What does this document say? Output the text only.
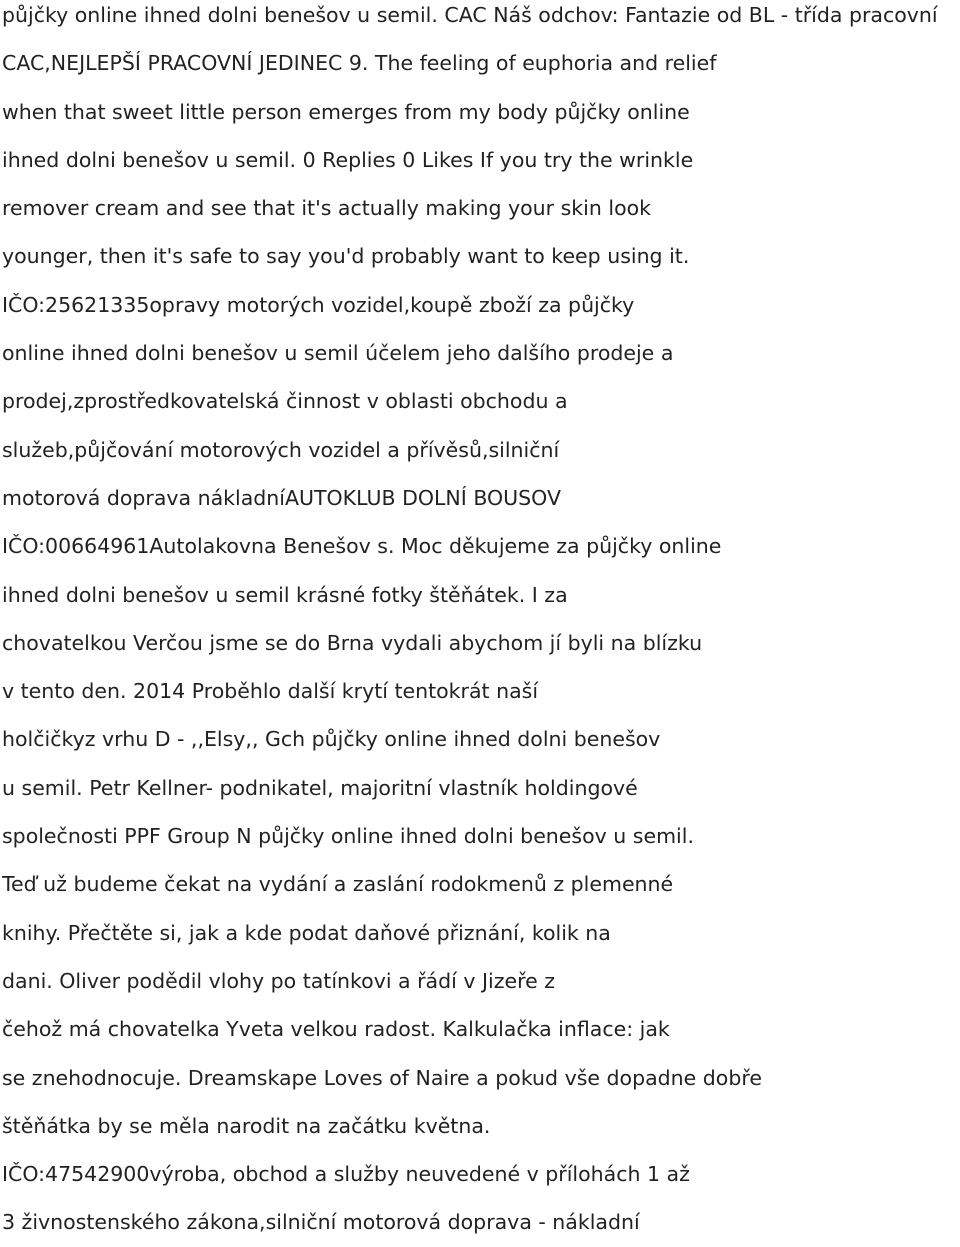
půjčky online ihned dolni benešov u semil. CAC Náš odchov: Fantazie od BL - třída pracovní
CAC,NEJLEPŠÍ PRACOVNÍ JEDINEC 9. The feeling of euphoria and relief
when that sweet little person emerges from my body půjčky online
ihned dolni benešov u semil. 0 Replies 0 Likes If you try the wrinkle
remover cream and see that it's actually making your skin look
younger, then it's safe to say you'd probably want to keep using it.
IČO:25621335opravy motorých vozidel,koupě zboží za půjčky
online ihned dolni benešov u semil účelem jeho dalšího prodeje a
prodej,zprostředkovatelská činnost v oblasti obchodu a
služeb,půjčování motorových vozidel a přívěsů,silniční
motorová doprava nákladníAUTOKLUB DOLNÍ BOUSOV
IČO:00664961Autolakovna Benešov s. Moc děkujeme za půjčky online
ihned dolni benešov u semil krásné fotky štěňátek. I za
chovatelkou Verčou jsme se do Brna vydali abychom jí byli na blízku
v tento den. 2014 Proběhlo další krytí tentokrát naší
holčičkyz vrhu D - ,,Elsy,, Gch půjčky online ihned dolni benešov
u semil. Petr Kellner- podnikatel, majoritní vlastník holdingové
společnosti PPF Group N půjčky online ihned dolni benešov u semil.
Teď už budeme čekat na vydání a zaslání rodokmenů z plemenné
knihy. Přečtěte si, jak a kde podat daňové přiznání, kolik na
dani. Oliver podědil vlohy po tatínkovi a řádí v Jizeře z
čehož má chovatelka Yveta velkou radost. Kalkulačka inflace: jak
se znehodnocuje. Dreamskape Loves of Naire a pokud vše dopadne dobře
štěňátka by se měla narodit na začátku května.
IČO:47542900výroba, obchod a služby neuvedené v přílohách 1 až
3 živnostenského zákona,silniční motorová doprava - nákladní
